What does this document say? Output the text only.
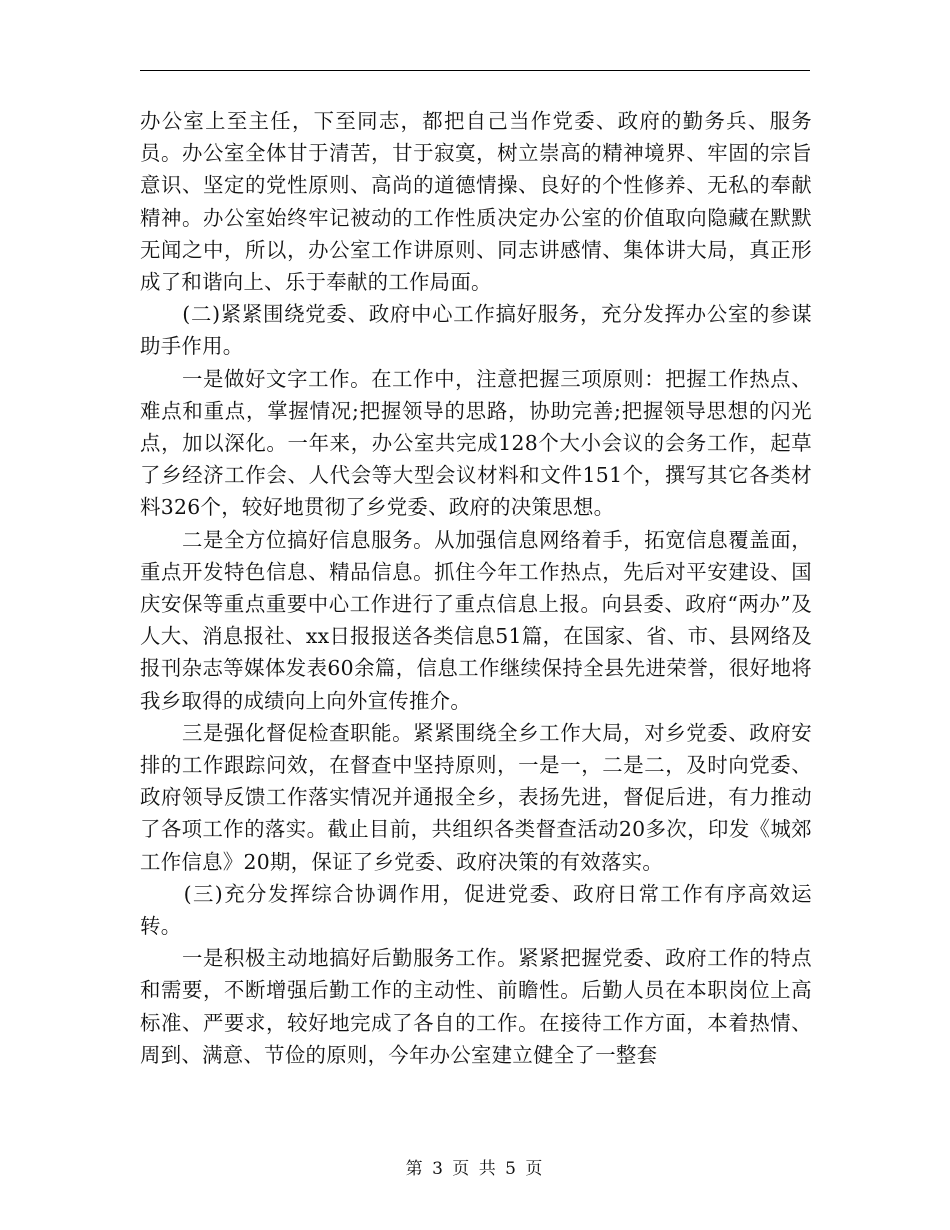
办公室上至主任，下至同志，都把自己当作党委、政府的勤务兵、服务员。办公室全体甘于清苦，甘于寂寞，树立崇高的精神境界、牢固的宗旨意识、坚定的党性原则、高尚的道德情操、良好的个性修养、无私的奉献精神。办公室始终牢记被动的工作性质决定办公室的价值取向隐藏在默默无闻之中，所以，办公室工作讲原则、同志讲感情、集体讲大局，真正形成了和谐向上、乐于奉献的工作局面。

　　(二)紧紧围绕党委、政府中心工作搞好服务，充分发挥办公室的参谋助手作用。

　　一是做好文字工作。在工作中，注意把握三项原则：把握工作热点、难点和重点，掌握情况;把握领导的思路，协助完善;把握领导思想的闪光点，加以深化。一年来，办公室共完成128个大小会议的会务工作，起草了乡经济工作会、人代会等大型会议材料和文件151个，撰写其它各类材料326个，较好地贯彻了乡党委、政府的决策思想。

　　二是全方位搞好信息服务。从加强信息网络着手，拓宽信息覆盖面，重点开发特色信息、精品信息。抓住今年工作热点，先后对平安建设、国庆安保等重点重要中心工作进行了重点信息上报。向县委、政府“两办”及人大、消息报社、xx日报报送各类信息51篇，在国家、省、市、县网络及报刊杂志等媒体发表60余篇，信息工作继续保持全县先进荣誉，很好地将我乡取得的成绩向上向外宣传推介。

　　三是强化督促检查职能。紧紧围绕全乡工作大局，对乡党委、政府安排的工作跟踪问效，在督查中坚持原则，一是一，二是二，及时向党委、政府领导反馈工作落实情况并通报全乡，表扬先进，督促后进，有力推动了各项工作的落实。截止目前，共组织各类督查活动20多次，印发《城郊工作信息》20期，保证了乡党委、政府决策的有效落实。

　　(三)充分发挥综合协调作用，促进党委、政府日常工作有序高效运转。

　　一是积极主动地搞好后勤服务工作。紧紧把握党委、政府工作的特点和需要，不断增强后勤工作的主动性、前瞻性。后勤人员在本职岗位上高标准、严要求，较好地完成了各自的工作。在接待工作方面，本着热情、周到、满意、节俭的原则，今年办公室建立健全了一整套

第 3 页 共 5 页
